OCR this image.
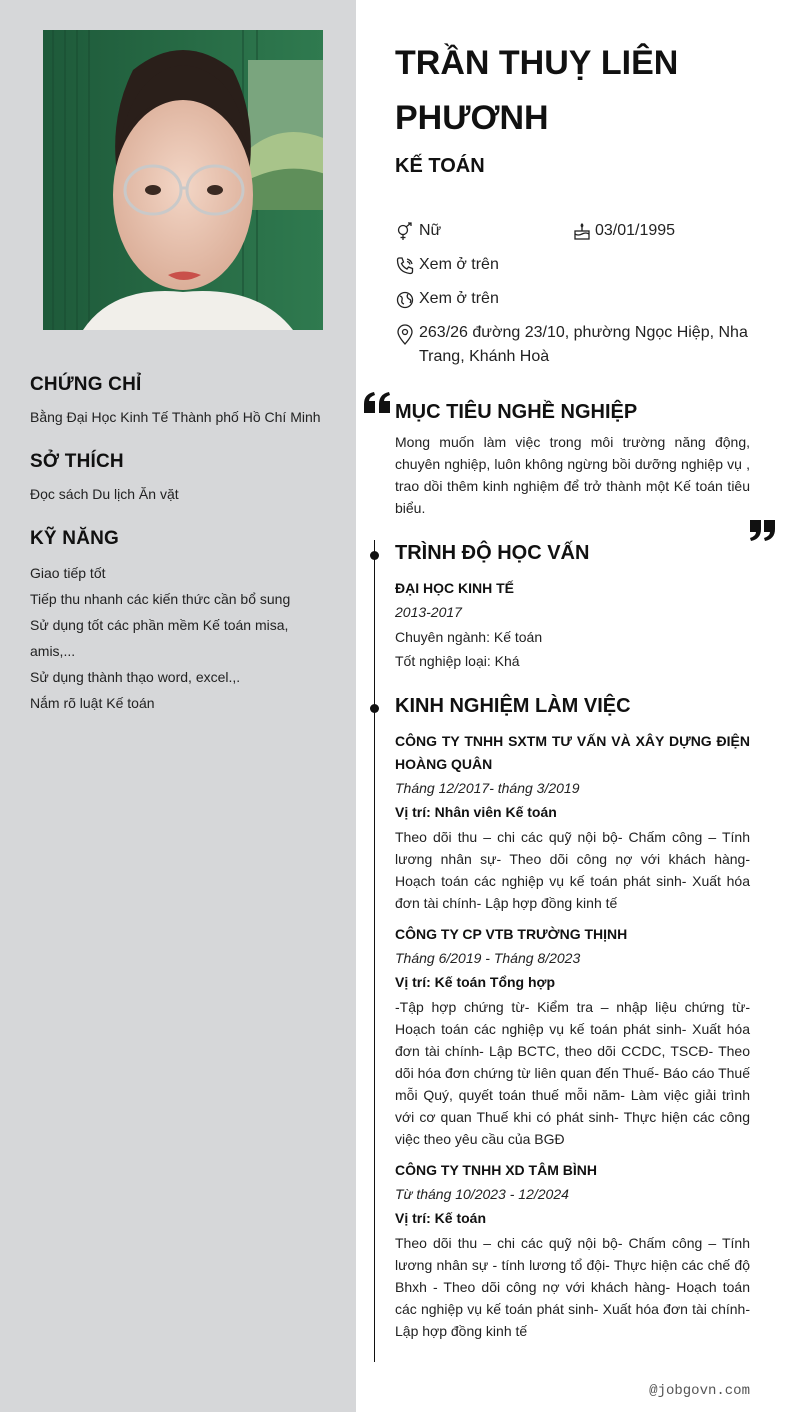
CHỨNG CHỈ
Bằng Đại Học Kinh Tế Thành phố Hồ Chí Minh
SỞ THÍCH
Đọc sách Du lịch Ăn vặt
KỸ NĂNG
Giao tiếp tốt
Tiếp thu nhanh các kiến thức cần bổ sung
Sử dụng tốt các phần mềm Kế toán misa,
amis,...
Sử dụng thành thạo word, excel.,.
Nắm rõ luật Kế toán
TRẦN THUỴ LIÊN PHƯƠNH
KẾ TOÁN
Nữ	03/01/1995
Xem ở trên
Xem ở trên
263/26 đường 23/10, phường Ngọc Hiệp, Nha Trang, Khánh Hoà
MỤC TIÊU NGHỀ NGHIỆP
Mong muốn làm việc trong môi trường năng động, chuyên nghiệp, luôn không ngừng bồi dưỡng nghiệp vụ , trao dồi thêm kinh nghiệm để trở thành một Kế toán tiêu biểu.
TRÌNH ĐỘ HỌC VẤN
ĐẠI HỌC KINH TẾ
2013-2017
Chuyên ngành: Kế toán
Tốt nghiệp loại: Khá
KINH NGHIỆM LÀM VIỆC
CÔNG TY TNHH SXTM TƯ VẤN VÀ XÂY DỰNG ĐIỆN HOÀNG QUÂN
Tháng 12/2017- tháng 3/2019
Vị trí: Nhân viên Kế toán
Theo dõi thu – chi các quỹ nội bộ- Chấm công – Tính lương nhân sự- Theo dõi công nợ với khách hàng- Hoạch toán các nghiệp vụ kế toán phát sinh- Xuất hóa đơn tài chính- Lập hợp đồng kinh tế
CÔNG TY CP VTB TRƯỜNG THỊNH
Tháng 6/2019 - Tháng 8/2023
Vị trí: Kế toán Tổng hợp
-Tập hợp chứng từ- Kiểm tra – nhập liệu chứng từ- Hoạch toán các nghiệp vụ kế toán phát sinh- Xuất hóa đơn tài chính- Lập BCTC, theo dõi CCDC, TSCĐ- Theo dõi hóa đơn chứng từ liên quan đến Thuế- Báo cáo Thuế mỗi Quý, quyết toán thuế mỗi năm- Làm việc giải trình với cơ quan Thuế khi có phát sinh- Thực hiện các công việc theo yêu cầu của BGĐ
CÔNG TY TNHH XD TÂM BÌNH
Từ tháng 10/2023 - 12/2024
Vị trí: Kế toán
Theo dõi thu – chi các quỹ nội bộ- Chấm công – Tính lương nhân sự - tính lương tổ đội- Thực hiện các chế độ Bhxh - Theo dõi công nợ với khách hàng- Hoạch toán các nghiệp vụ kế toán phát sinh- Xuất hóa đơn tài chính- Lập hợp đồng kinh tế
@jobgovn.com
